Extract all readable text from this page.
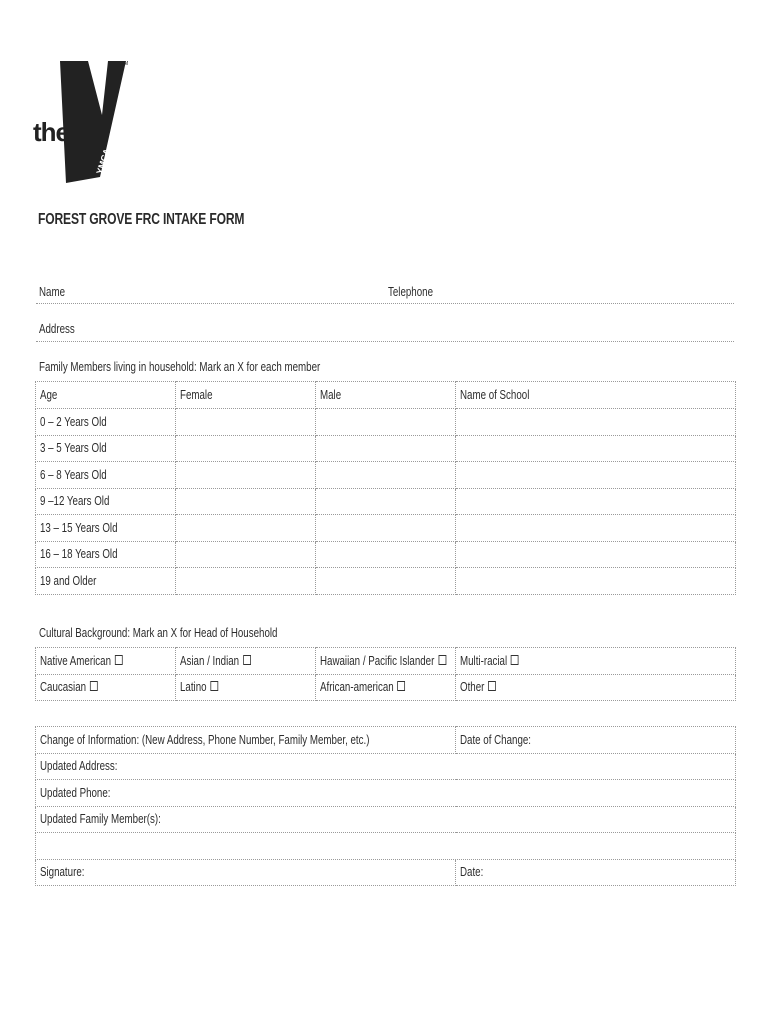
the
TM
YMCA
FOREST GROVE FRC INTAKE FORM
Name	Telephone
Address
Family Members living in household: Mark an X for each member
Age	Female	Male	Name of School
0 – 2 Years Old			
3 – 5 Years Old			
6 – 8 Years Old			
9 –12 Years Old			
13 – 15 Years Old			
16 – 18 Years Old			
19 and Older			
Cultural Background: Mark an X for Head of Household
Native American	Asian / Indian	Hawaiian / Pacific Islander	Multi-racial
Caucasian	Latino	African-american	Other
Change of Information: (New Address, Phone Number, Family Member, etc.)	Date of Change:
Updated Address:	
Updated Phone:	
Updated Family Member(s):	

Signature:	Date:
